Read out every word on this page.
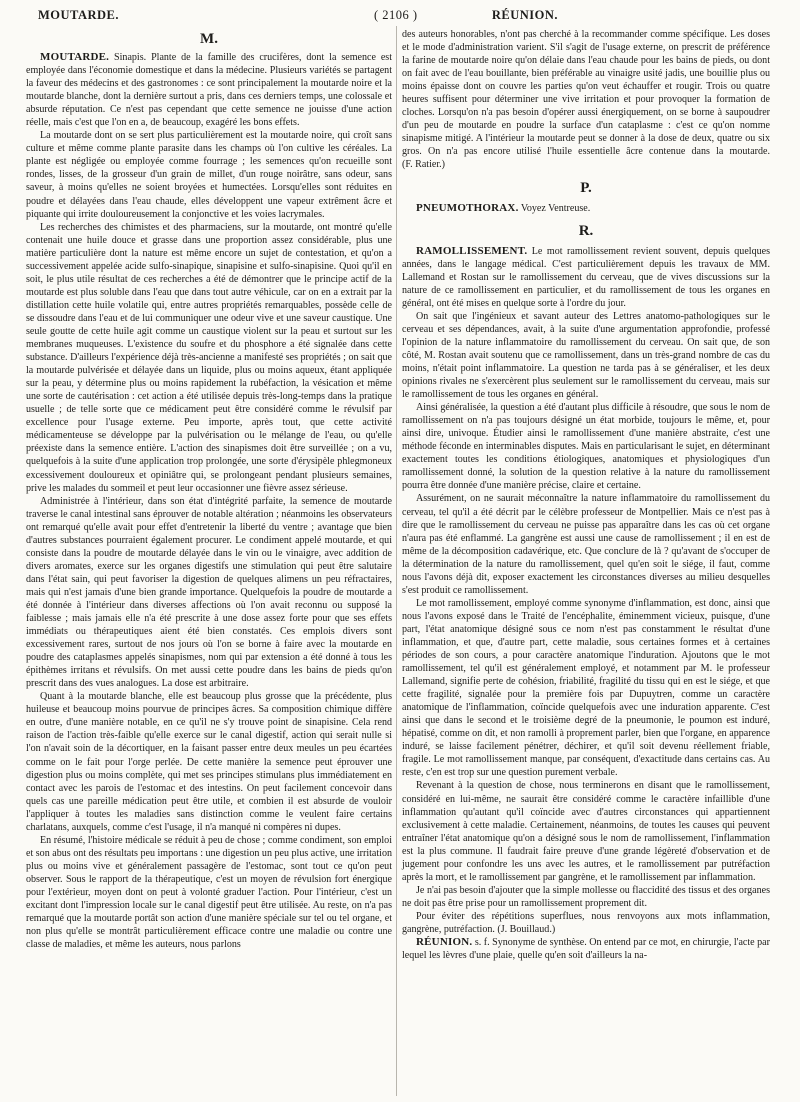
MOUTARDE.	( 2106 )	RÉUNION.
M.

MOUTARDE. Sinapis. Plante de la famille des crucifères, dont la semence est employée dans l'économie domestique et dans la médecine. Plusieurs variétés se partagent la faveur des médecins et des gastronomes : ce sont principalement la moutarde noire et la moutarde blanche, dont la dernière surtout a pris, dans ces derniers temps, une colossale et absurde réputation. Ce n'est pas cependant que cette semence ne jouisse d'une action réelle, mais c'est que l'on en a, de beaucoup, exagéré les bons effets.

La moutarde dont on se sert plus particulièrement est la moutarde noire, qui croît sans culture et même comme plante parasite dans les champs où l'on cultive les céréales. La plante est négligée ou employée comme fourrage ; les semences qu'on recueille sont rondes, lisses, de la grosseur d'un grain de millet, d'un rouge noirâtre, sans odeur, sans saveur, à moins qu'elles ne soient broyées et humectées. Lorsqu'elles sont réduites en poudre et délayées dans l'eau chaude, elles développent une vapeur extrêment âcre et piquante qui irrite douloureusement la conjonctive et les voies lacrymales.

Les recherches des chimistes et des pharmaciens, sur la moutarde, ont montré qu'elle contenait une huile douce et grasse dans une proportion assez considérable, plus une matière particulière dont la nature est même encore un sujet de contestation, et qu'on a successivement appelée acide sulfo-sinapique, sinapisine et sulfo-sinapisine. Quoi qu'il en soit, le plus utile résultat de ces recherches a été de démontrer que le principe actif de la moutarde est plus soluble dans l'eau que dans tout autre véhicule, car on en a extrait par la distillation cette huile volatile qui, entre autres propriétés remarquables, possède celle de se dissoudre dans l'eau et de lui communiquer une odeur vive et une saveur caustique. Une seule goutte de cette huile agit comme un caustique violent sur la peau et surtout sur les membranes muqueuses. L'existence du soufre et du phosphore a été signalée dans cette substance. D'ailleurs l'expérience déjà très-ancienne a manifesté ses propriétés ; on sait que la moutarde pulvérisée et délayée dans un liquide, plus ou moins aqueux, étant appliquée sur la peau, y détermine plus ou moins rapidement la rubéfaction, la vésication et même une sorte de cautérisation : cet action a été utilisée depuis très-long-temps dans la pratique usuelle ; de telle sorte que ce médicament peut être considéré comme le révulsif par excellence pour l'usage externe. Peu importe, après tout, que cette activité médicamenteuse se développe par la pulvérisation ou le mélange de l'eau, ou qu'elle préexiste dans la semence entière. L'action des sinapismes doit être surveillée ; on a vu, quelquefois à la suite d'une application trop prolongée, une sorte d'érysipèle phlegmoneux excessivement douloureux et opiniâtre qui, se prolongeant pendant plusieurs semaines, prive les malades du sommeil et peut leur occasionner une fièvre assez sérieuse.

Administrée à l'intérieur, dans son état d'intégrité parfaite, la semence de moutarde traverse le canal intestinal sans éprouver de notable altération ; néanmoins les observateurs ont remarqué qu'elle avait pour effet d'entretenir la liberté du ventre ; avantage que bien d'autres substances pourraient également procurer. Le condiment appelé moutarde, et qui consiste dans la poudre de moutarde délayée dans le vin ou le vinaigre, avec addition de divers aromates, exerce sur les organes digestifs une stimulation qui peut être salutaire dans l'état sain, qui peut favoriser la digestion de quelques alimens un peu réfractaires, mais qui n'est jamais d'une bien grande importance. Quelquefois la poudre de moutarde a été donnée à l'intérieur dans diverses affections où l'on avait reconnu ou supposé la faiblesse ; mais jamais elle n'a été prescrite à une dose assez forte pour que ses effets immédiats ou thérapeutiques aient été bien constatés. Ces emplois divers sont excessivement rares, surtout de nos jours où l'on se borne à faire avec la moutarde en poudre des cataplasmes appelés sinapismes, nom qui par extension a été donné à tous les épithèmes irritans et révulsifs. On met aussi cette poudre dans les bains de pieds qu'on prescrit dans des vues analogues. La dose est arbitraire.

Quant à la moutarde blanche, elle est beaucoup plus grosse que la précédente, plus huileuse et beaucoup moins pourvue de principes âcres. Sa composition chimique diffère en outre, d'une manière notable, en ce qu'il ne s'y trouve point de sinapisine. Cela rend raison de l'action très-faible qu'elle exerce sur le canal digestif, action qui serait nulle si l'on n'avait soin de la décortiquer, en la faisant passer entre deux meules un peu écartées comme on le fait pour l'orge perlée. De cette manière la semence peut éprouver une digestion plus ou moins complète, qui met ses principes stimulans plus immédiatement en contact avec les parois de l'estomac et des intestins. On peut facilement concevoir dans quels cas une pareille médication peut être utile, et combien il est absurde de vouloir l'appliquer à toutes les maladies sans distinction comme le veulent faire certains charlatans, auxquels, comme c'est l'usage, il n'a manqué ni compères ni dupes.

En résumé, l'histoire médicale se réduit à peu de chose ; comme condiment, son emploi et son abus ont des résultats peu importans : une digestion un peu plus active, une irritation plus ou moins vive et généralement passagère de l'estomac, sont tout ce qu'on peut observer. Sous le rapport de la thérapeutique, c'est un moyen de révulsion fort énergique pour l'extérieur, moyen dont on peut à volonté graduer l'action. Pour l'intérieur, c'est un excitant dont l'impression locale sur le canal digestif peut être utilisée. Au reste, on n'a pas remarqué que la moutarde portât son action d'une manière spéciale sur tel ou tel organe, et non plus qu'elle se montrât particulièrement efficace contre une maladie ou contre une classe de maladies, et même les auteurs, nous parlons

des auteurs honorables, n'ont pas cherché à la recommander comme spécifique. Les doses et le mode d'administration varient. S'il s'agit de l'usage externe, on prescrit de préférence la farine de moutarde noire qu'on délaie dans l'eau chaude pour les bains de pieds, ou dont on fait avec de l'eau bouillante, bien préférable au vinaigre usité jadis, une bouillie plus ou moins épaisse dont on couvre les parties qu'on veut échauffer et rougir. Trois ou quatre heures suffisent pour déterminer une vive irritation et pour provoquer la formation de cloches. Lorsqu'on n'a pas besoin d'opérer aussi énergiquement, on se borne à saupoudrer d'un peu de moutarde en poudre la surface d'un cataplasme : c'est ce qu'on nomme sinapisme mitigé. A l'intérieur la moutarde peut se donner à la dose de deux, quatre ou six gros. On n'a pas encore utilisé l'huile essentielle âcre contenue dans la moutarde. (F. Ratier.)

P.

PNEUMOTHORAX. Voyez Ventreuse.

R.

RAMOLLISSEMENT. Le mot ramollissement revient souvent, depuis quelques années, dans le langage médical. C'est particulièrement depuis les travaux de MM. Lallemand et Rostan sur le ramollissement du cerveau, que de vives discussions sur la nature de ce ramollissement en particulier, et du ramollissement de tous les organes en général, ont été mises en quelque sorte à l'ordre du jour.

On sait que l'ingénieux et savant auteur des Lettres anatomo-pathologiques sur le cerveau et ses dépendances, avait, à la suite d'une argumentation approfondie, professé l'opinion de la nature inflammatoire du ramollissement du cerveau. On sait que, de son côté, M. Rostan avait soutenu que ce ramollissement, dans un très-grand nombre de cas du moins, n'était point inflammatoire. La question ne tarda pas à se généraliser, et les deux opinions rivales ne s'exercèrent plus seulement sur le ramollissement du cerveau, mais sur le ramollissement de tous les organes en général.

Ainsi généralisée, la question a été d'autant plus difficile à résoudre, que sous le nom de ramollissement on n'a pas toujours désigné un état morbide, toujours le même, et, pour ainsi dire, univoque. Étudier ainsi le ramollissement d'une manière abstraite, c'est une méthode féconde en interminables disputes. Mais en particularisant le sujet, en déterminant exactement toutes les conditions étiologiques, anatomiques et physiologiques d'un ramollissement donné, la solution de la question relative à la nature du ramollissement pourra être donnée d'une manière précise, claire et certaine.

Assurément, on ne saurait méconnaître la nature inflammatoire du ramollissement du cerveau, tel qu'il a été décrit par le célèbre professeur de Montpellier. Mais ce n'est pas à dire que le ramollissement du cerveau ne puisse pas apparaître dans les cas où cet organe n'aura pas été enflammé. La gangrène est aussi une cause de ramollissement ; il en est de même de la décomposition cadavérique, etc. Que conclure de là ? qu'avant de s'occuper de la détermination de la nature du ramollissement, quel qu'en soit le siége, il faut, comme nous l'avons déjà dit, exposer exactement les circonstances diverses au milieu desquelles s'est produit ce ramollissement.

Le mot ramollissement, employé comme synonyme d'inflammation, est donc, ainsi que nous l'avons exposé dans le Traité de l'encéphalite, éminemment vicieux, puisque, d'une part, l'état anatomique désigné sous ce nom n'est pas constamment le résultat d'une inflammation, et que, d'autre part, cette maladie, sous certaines formes et à certaines périodes de son cours, a pour caractère anatomique l'induration. Ajoutons que le mot ramollissement, tel qu'il est généralement employé, et notamment par M. le professeur Lallemand, signifie perte de cohésion, friabilité, fragilité du tissu qui en est le siége, et que cette fragilité, signalée pour la première fois par Dupuytren, comme un caractère anatomique de l'inflammation, coïncide quelquefois avec une induration apparente. C'est ainsi que dans le second et le troisième degré de la pneumonie, le poumon est induré, hépatisé, comme on dit, et non ramolli à proprement parler, bien que l'organe, en apparence induré, se laisse facilement pénétrer, déchirer, et qu'il soit devenu réellement friable, fragile. Le mot ramollissement manque, par conséquent, d'exactitude dans certains cas. Au reste, c'en est trop sur une question purement verbale.

Revenant à la question de chose, nous terminerons en disant que le ramollissement, considéré en lui-même, ne saurait être considéré comme le caractère infaillible d'une inflammation qu'autant qu'il coïncide avec d'autres circonstances qui appartiennent exclusivement à cette maladie. Certainement, néanmoins, de toutes les causes qui peuvent entraîner l'état anatomique qu'on a désigné sous le nom de ramollissement, l'inflammation est la plus commune. Il faudrait faire preuve d'une grande légèreté d'observation et de jugement pour confondre les uns avec les autres, et le ramollissement par putréfaction après la mort, et le ramollissement par gangrène, et le ramollissement par inflammation.

Je n'ai pas besoin d'ajouter que la simple mollesse ou flaccidité des tissus et des organes ne doit pas être prise pour un ramollissement proprement dit.

Pour éviter des répétitions superflues, nous renvoyons aux mots inflammation, gangrène, putréfaction. (J. Bouillaud.)

RÉUNION. s. f. Synonyme de synthèse. On entend par ce mot, en chirurgie, l'acte par lequel les lèvres d'une plaie, quelle qu'en soit d'ailleurs la na-
